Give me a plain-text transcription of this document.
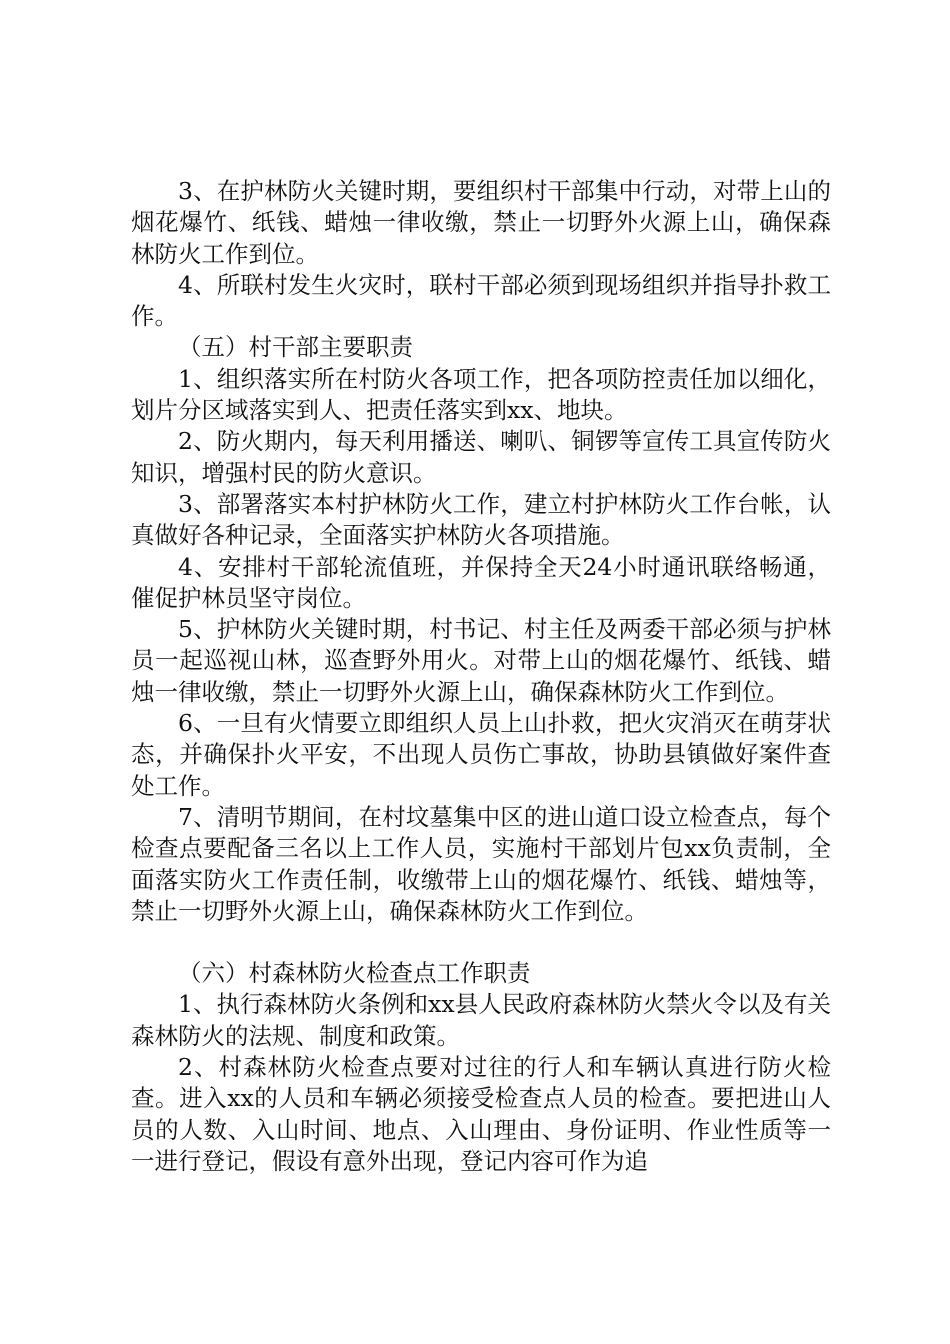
3、在护林防火关键时期，要组织村干部集中行动，对带上山的烟花爆竹、纸钱、蜡烛一律收缴，禁止一切野外火源上山，确保森林防火工作到位。

4、所联村发生火灾时，联村干部必须到现场组织并指导扑救工作。

（五）村干部主要职责

1、组织落实所在村防火各项工作，把各项防控责任加以细化，划片分区域落实到人、把责任落实到xx、地块。

2、防火期内，每天利用播送、喇叭、铜锣等宣传工具宣传防火知识，增强村民的防火意识。

3、部署落实本村护林防火工作，建立村护林防火工作台帐，认真做好各种记录，全面落实护林防火各项措施。

4、安排村干部轮流值班，并保持全天24小时通讯联络畅通，催促护林员坚守岗位。

5、护林防火关键时期，村书记、村主任及两委干部必须与护林员一起巡视山林，巡查野外用火。对带上山的烟花爆竹、纸钱、蜡烛一律收缴，禁止一切野外火源上山，确保森林防火工作到位。

6、一旦有火情要立即组织人员上山扑救，把火灾消灭在萌芽状态，并确保扑火平安，不出现人员伤亡事故，协助县镇做好案件查处工作。

7、清明节期间，在村坟墓集中区的进山道口设立检查点，每个检查点要配备三名以上工作人员，实施村干部划片包xx负责制，全面落实防火工作责任制，收缴带上山的烟花爆竹、纸钱、蜡烛等，禁止一切野外火源上山，确保森林防火工作到位。

（六）村森林防火检查点工作职责

1、执行森林防火条例和xx县人民政府森林防火禁火令以及有关森林防火的法规、制度和政策。

2、村森林防火检查点要对过往的行人和车辆认真进行防火检查。进入xx的人员和车辆必须接受检查点人员的检查。要把进山人员的人数、入山时间、地点、入山理由、身份证明、作业性质等一一进行登记，假设有意外出现，登记内容可作为追
